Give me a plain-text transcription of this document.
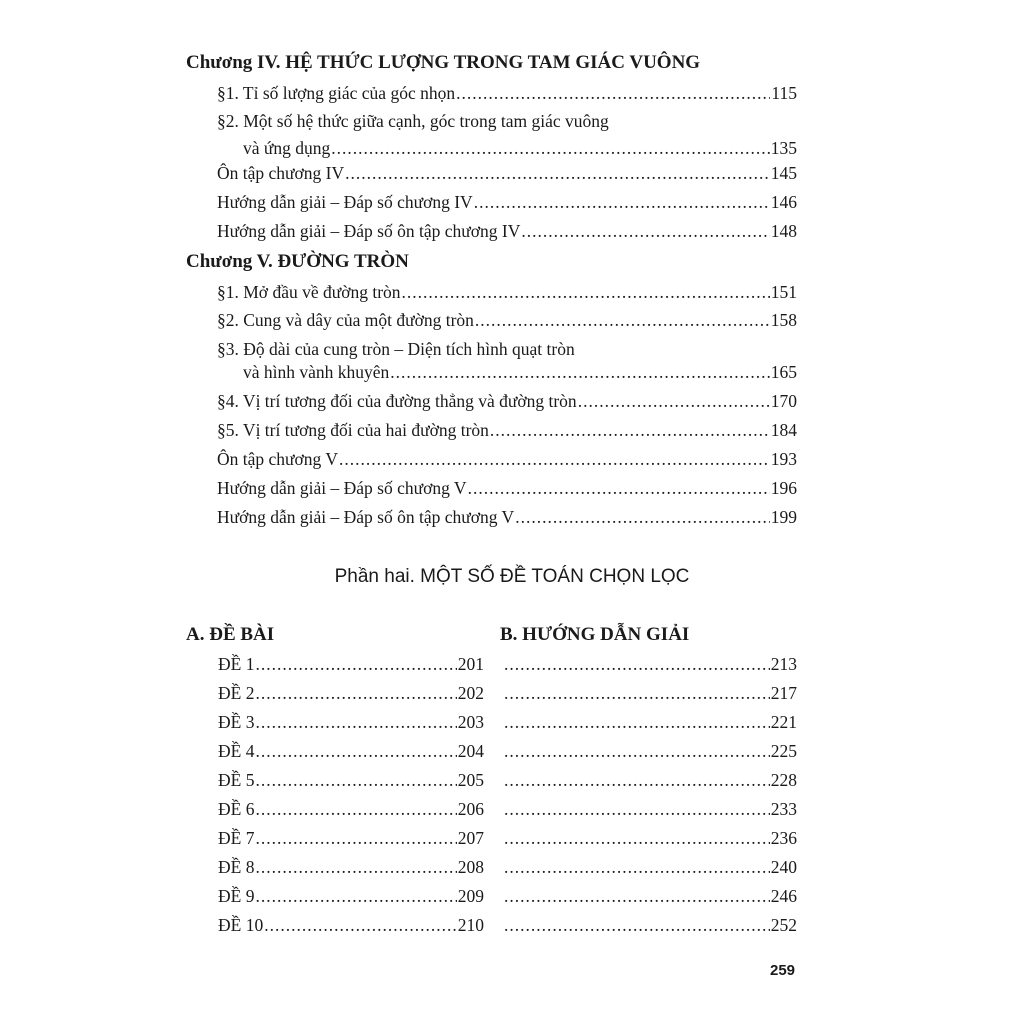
Chương IV. HỆ THỨC LƯỢNG TRONG TAM GIÁC VUÔNG
Chương V. ĐƯỜNG TRÒN
§1. Tỉ số lượng giác của góc nhọn .....	115
§2. Một số hệ thức giữa cạnh, góc trong tam giác vuông
và ứng dụng .....	135
Ôn tập chương IV .....	145
Hướng dẫn giải – Đáp số chương IV .....	146
Hướng dẫn giải – Đáp số ôn tập chương IV .....	148
§1. Mở đầu về đường tròn .....	151
§2. Cung và dây của một đường tròn .....	158
§3. Độ dài của cung tròn – Diện tích hình quạt tròn
và hình vành khuyên .....	165
§4. Vị trí tương đối của đường thẳng và đường tròn .....	170
§5. Vị trí tương đối của hai đường tròn .....	184
Ôn tập chương V .....	193
Hướng dẫn giải – Đáp số chương V .....	196
Hướng dẫn giải – Đáp số ôn tập chương V .....	199
Phần hai. MỘT SỐ ĐỀ TOÁN CHỌN LỌC
A. ĐỀ BÀI	B. HƯỚNG DẪN GIẢI
ĐỀ 1 .....	201 .....	213
ĐỀ 2 .....	202 .....	217
ĐỀ 3 .....	203 .....	221
ĐỀ 4 .....	204 .....	225
ĐỀ 5 .....	205 .....	228
ĐỀ 6 .....	206 .....	233
ĐỀ 7 .....	207 .....	236
ĐỀ 8 .....	208 .....	240
ĐỀ 9 .....	209 .....	246
ĐỀ 10 .....	210 .....	252
259
